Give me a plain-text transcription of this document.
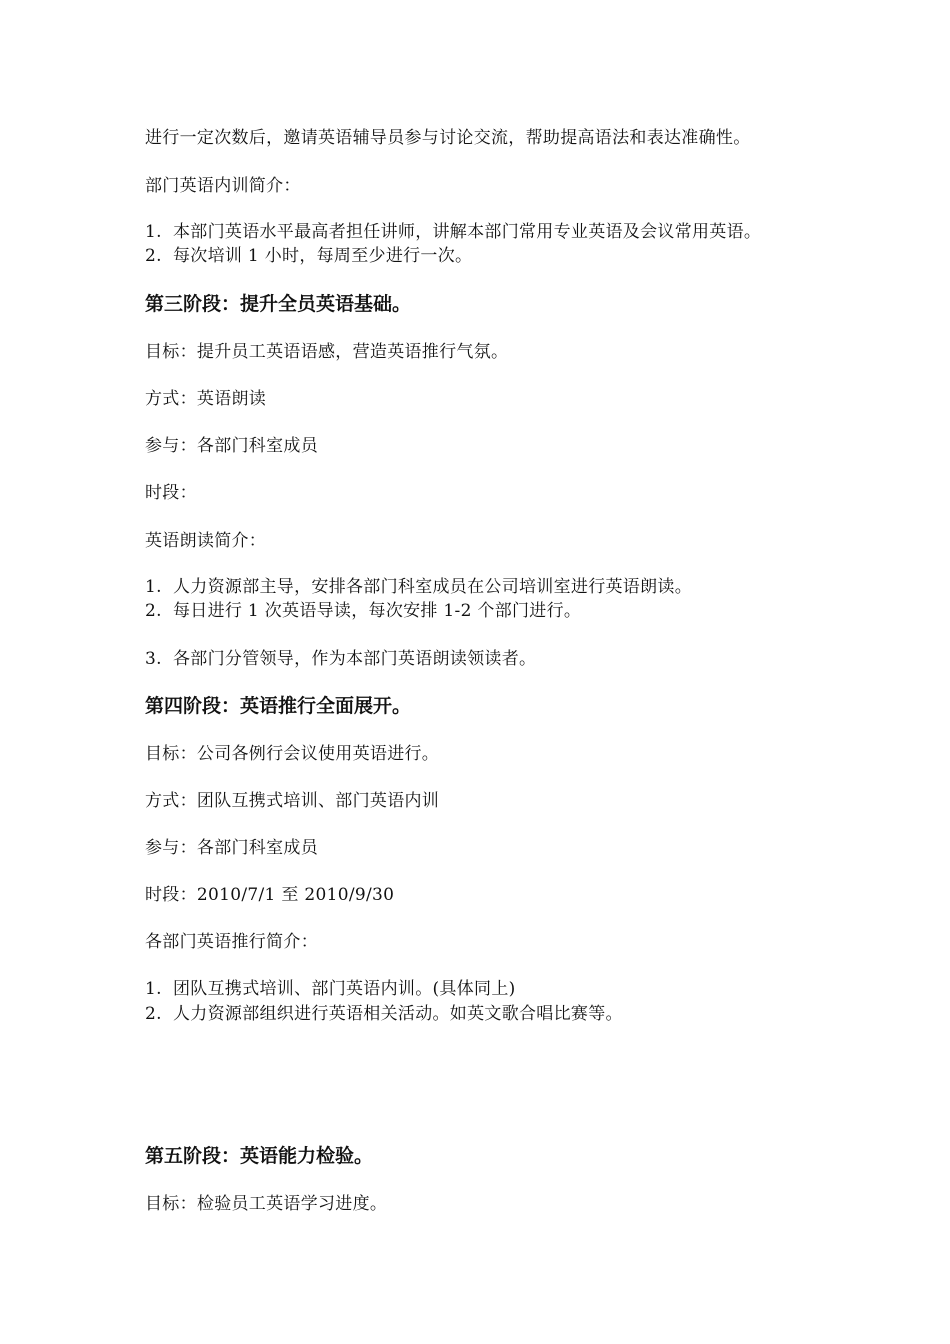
进行一定次数后，邀请英语辅导员参与讨论交流，帮助提高语法和表达准确性。
部门英语内训简介：
1. 本部门英语水平最高者担任讲师，讲解本部门常用专业英语及会议常用英语。
2. 每次培训 1 小时，每周至少进行一次。
第三阶段：提升全员英语基础。
目标：提升员工英语语感，营造英语推行气氛。
方式：英语朗读
参与：各部门科室成员
时段：
英语朗读简介：
1. 人力资源部主导，安排各部门科室成员在公司培训室进行英语朗读。
2. 每日进行 1 次英语导读，每次安排 1-2 个部门进行。
3. 各部门分管领导，作为本部门英语朗读领读者。
第四阶段：英语推行全面展开。
目标：公司各例行会议使用英语进行。
方式：团队互携式培训、部门英语内训
参与：各部门科室成员
时段：2010/7/1 至 2010/9/30
各部门英语推行简介：
1. 团队互携式培训、部门英语内训。(具体同上)
2. 人力资源部组织进行英语相关活动。如英文歌合唱比赛等。
第五阶段：英语能力检验。
目标：检验员工英语学习进度。
